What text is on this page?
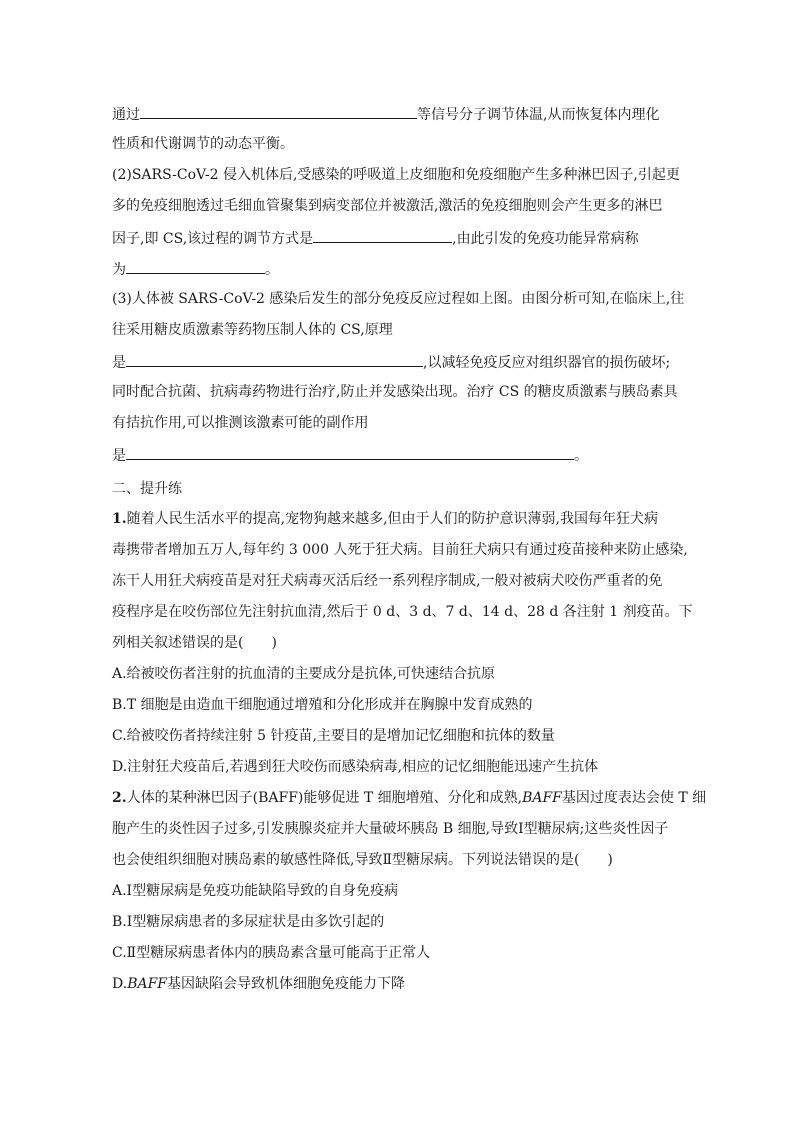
通过	等信号分子调节体温,从而恢复体内理化
性质和代谢调节的动态平衡。
(2)SARS-CoV-2 侵入机体后,受感染的呼吸道上皮细胞和免疫细胞产生多种淋巴因子,引起更
多的免疫细胞透过毛细血管聚集到病变部位并被激活,激活的免疫细胞则会产生更多的淋巴
因子,即 CS,该过程的调节方式是	,由此引发的免疫功能异常病称
为	。
(3)人体被 SARS-CoV-2 感染后发生的部分免疫反应过程如上图。由图分析可知,在临床上,往
往采用糖皮质激素等药物压制人体的 CS,原理
是	,以减轻免疫反应对组织器官的损伤破坏;
同时配合抗菌、抗病毒药物进行治疗,防止并发感染出现。治疗 CS 的糖皮质激素与胰岛素具
有拮抗作用,可以推测该激素可能的副作用
是	。
二、提升练
1.随着人民生活水平的提高,宠物狗越来越多,但由于人们的防护意识薄弱,我国每年狂犬病
毒携带者增加五万人,每年约 3 000 人死于狂犬病。目前狂犬病只有通过疫苗接种来防止感染,
冻干人用狂犬病疫苗是对狂犬病毒灭活后经一系列程序制成,一般对被病犬咬伤严重者的免
疫程序是在咬伤部位先注射抗血清,然后于 0 d、3 d、7 d、14 d、28 d 各注射 1 剂疫苗。下
列相关叙述错误的是(　　)
A.给被咬伤者注射的抗血清的主要成分是抗体,可快速结合抗原
B.T 细胞是由造血干细胞通过增殖和分化形成并在胸腺中发育成熟的
C.给被咬伤者持续注射 5 针疫苗,主要目的是增加记忆细胞和抗体的数量
D.注射狂犬疫苗后,若遇到狂犬咬伤而感染病毒,相应的记忆细胞能迅速产生抗体
2.人体的某种淋巴因子(BAFF)能够促进 T 细胞增殖、分化和成熟,BAFF基因过度表达会使 T 细
胞产生的炎性因子过多,引发胰腺炎症并大量破坏胰岛 B 细胞,导致Ⅰ型糖尿病;这些炎性因子
也会使组织细胞对胰岛素的敏感性降低,导致Ⅱ型糖尿病。下列说法错误的是(　　)
A.Ⅰ型糖尿病是免疫功能缺陷导致的自身免疫病
B.Ⅰ型糖尿病患者的多尿症状是由多饮引起的
C.Ⅱ型糖尿病患者体内的胰岛素含量可能高于正常人
D.BAFF基因缺陷会导致机体细胞免疫能力下降
